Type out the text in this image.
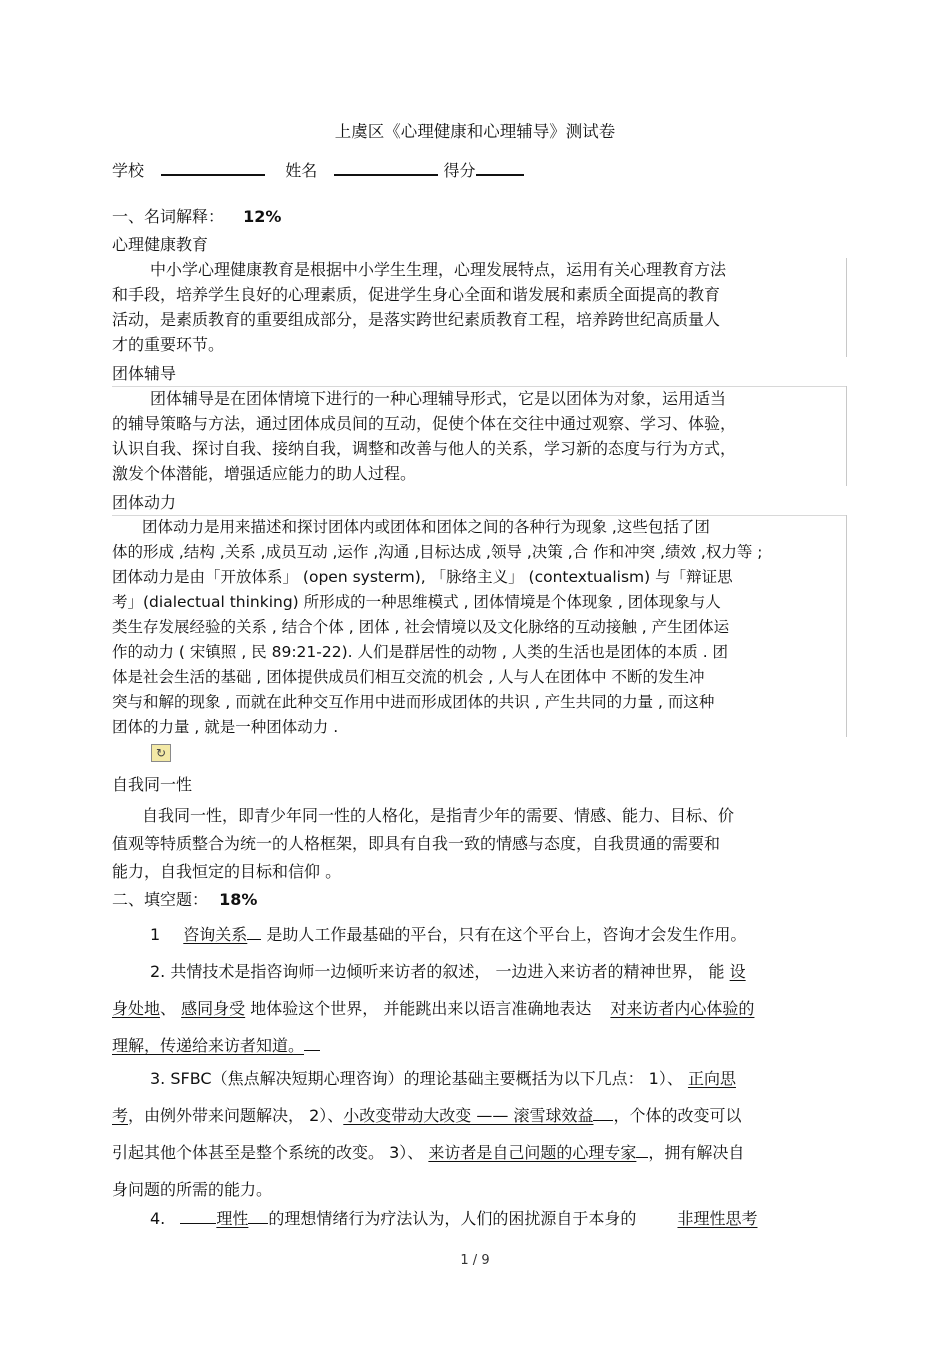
上虞区《心理健康和心理辅导》测试卷
学校	姓名	得分
一、名词解释： 12%
心理健康教育
中小学心理健康教育是根据中小学生生理，心理发展特点，运用有关心理教育方法
和手段，培养学生良好的心理素质，促进学生身心全面和谐发展和素质全面提高的教育
活动，是素质教育的重要组成部分，是落实跨世纪素质教育工程，培养跨世纪高质量人
才的重要环节。
团体辅导
团体辅导是在团体情境下进行的一种心理辅导形式，它是以团体为对象，运用适当
的辅导策略与方法，通过团体成员间的互动，促使个体在交往中通过观察、学习、体验，
认识自我、探讨自我、接纳自我，调整和改善与他人的关系，学习新的态度与行为方式，
激发个体潜能，增强适应能力的助人过程。
团体动力
团体动力是用来描述和探讨团体内或团体和团体之间的各种行为现象 ,这些包括了团
体的形成 ,结构 ,关系 ,成员互动 ,运作 ,沟通 ,目标达成 ,领导 ,决策 ,合 作和冲突 ,绩效 ,权力等 ;
团体动力是由「开放体系」 (open systerm), 「脉络主义」 (contextualism) 与「辩证思
考」(dialectual thinking) 所形成的一种思维模式 , 团体情境是个体现象 , 团体现象与人
类生存发展经验的关系 , 结合个体 , 团体 , 社会情境以及文化脉络的互动接触 , 产生团体运
作的动力 ( 宋镇照 , 民 89:21-22). 人们是群居性的动物 , 人类的生活也是团体的本质 . 团
体是社会生活的基础 , 团体提供成员们相互交流的机会 , 人与人在团体中 不断的发生冲
突与和解的现象 , 而就在此种交互作用中进而形成团体的共识 , 产生共同的力量 , 而这种
团体的力量 , 就是一种团体动力 .
↻
自我同一性
自我同一性，即青少年同一性的人格化，是指青少年的需要、情感、能力、目标、价
值观等特质整合为统一的人格框架，即具有自我一致的情感与态度，自我贯通的需要和
能力，自我恒定的目标和信仰 。
二、填空题： 18%
1 咨询关系 是助人工作最基础的平台，只有在这个平台上，咨询才会发生作用。
2. 共情技术是指咨询师一边倾听来访者的叙述， 一边进入来访者的精神世界， 能 设
身处地、 感同身受 地体验这个世界， 并能跳出来以语言准确地表达 对来访者内心体验的
理解，传递给来访者知道。
3. SFBC（焦点解决短期心理咨询）的理论基础主要概括为以下几点： 1）、 正向思
考，由例外带来问题解决， 2）、小改变带动大改变 —— 滚雪球效益 ，个体的改变可以
引起其他个体甚至是整个系统的改变。 3）、 来访者是自己问题的心理专家 ，拥有解决自
身问题的所需的能力。
4.	理性 的理想情绪行为疗法认为，人们的困扰源自于本身的	非理性思考
1 / 9
